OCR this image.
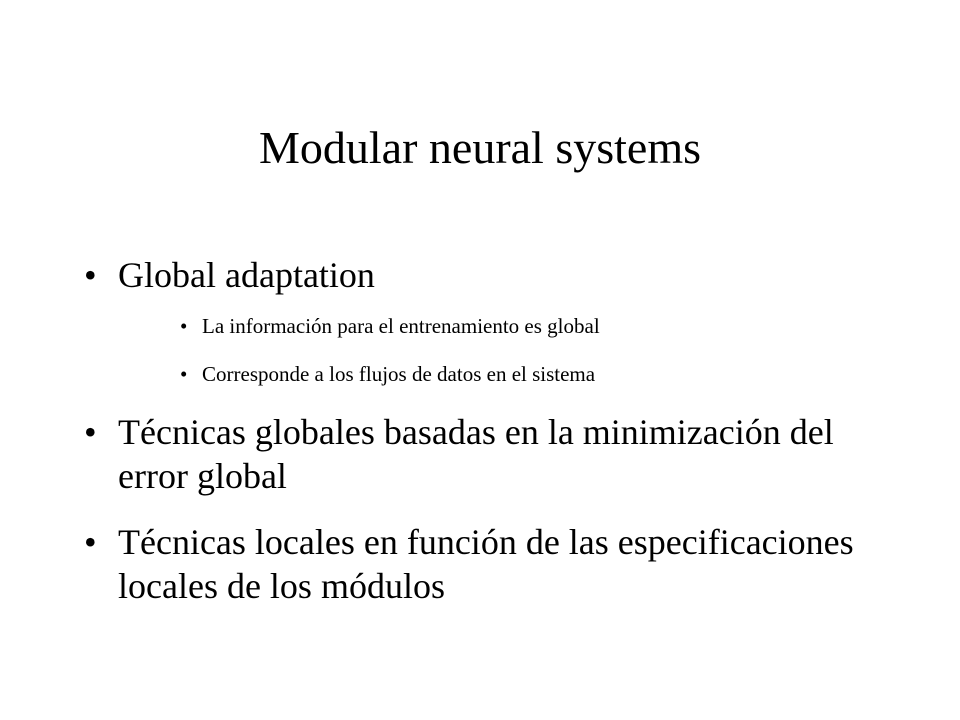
Modular neural systems
• Global adaptation
• La información para el entrenamiento es global
• Corresponde a los flujos de datos en el sistema
• Técnicas globales basadas en la minimización del error global
• Técnicas locales en función de las especificaciones locales de los módulos
